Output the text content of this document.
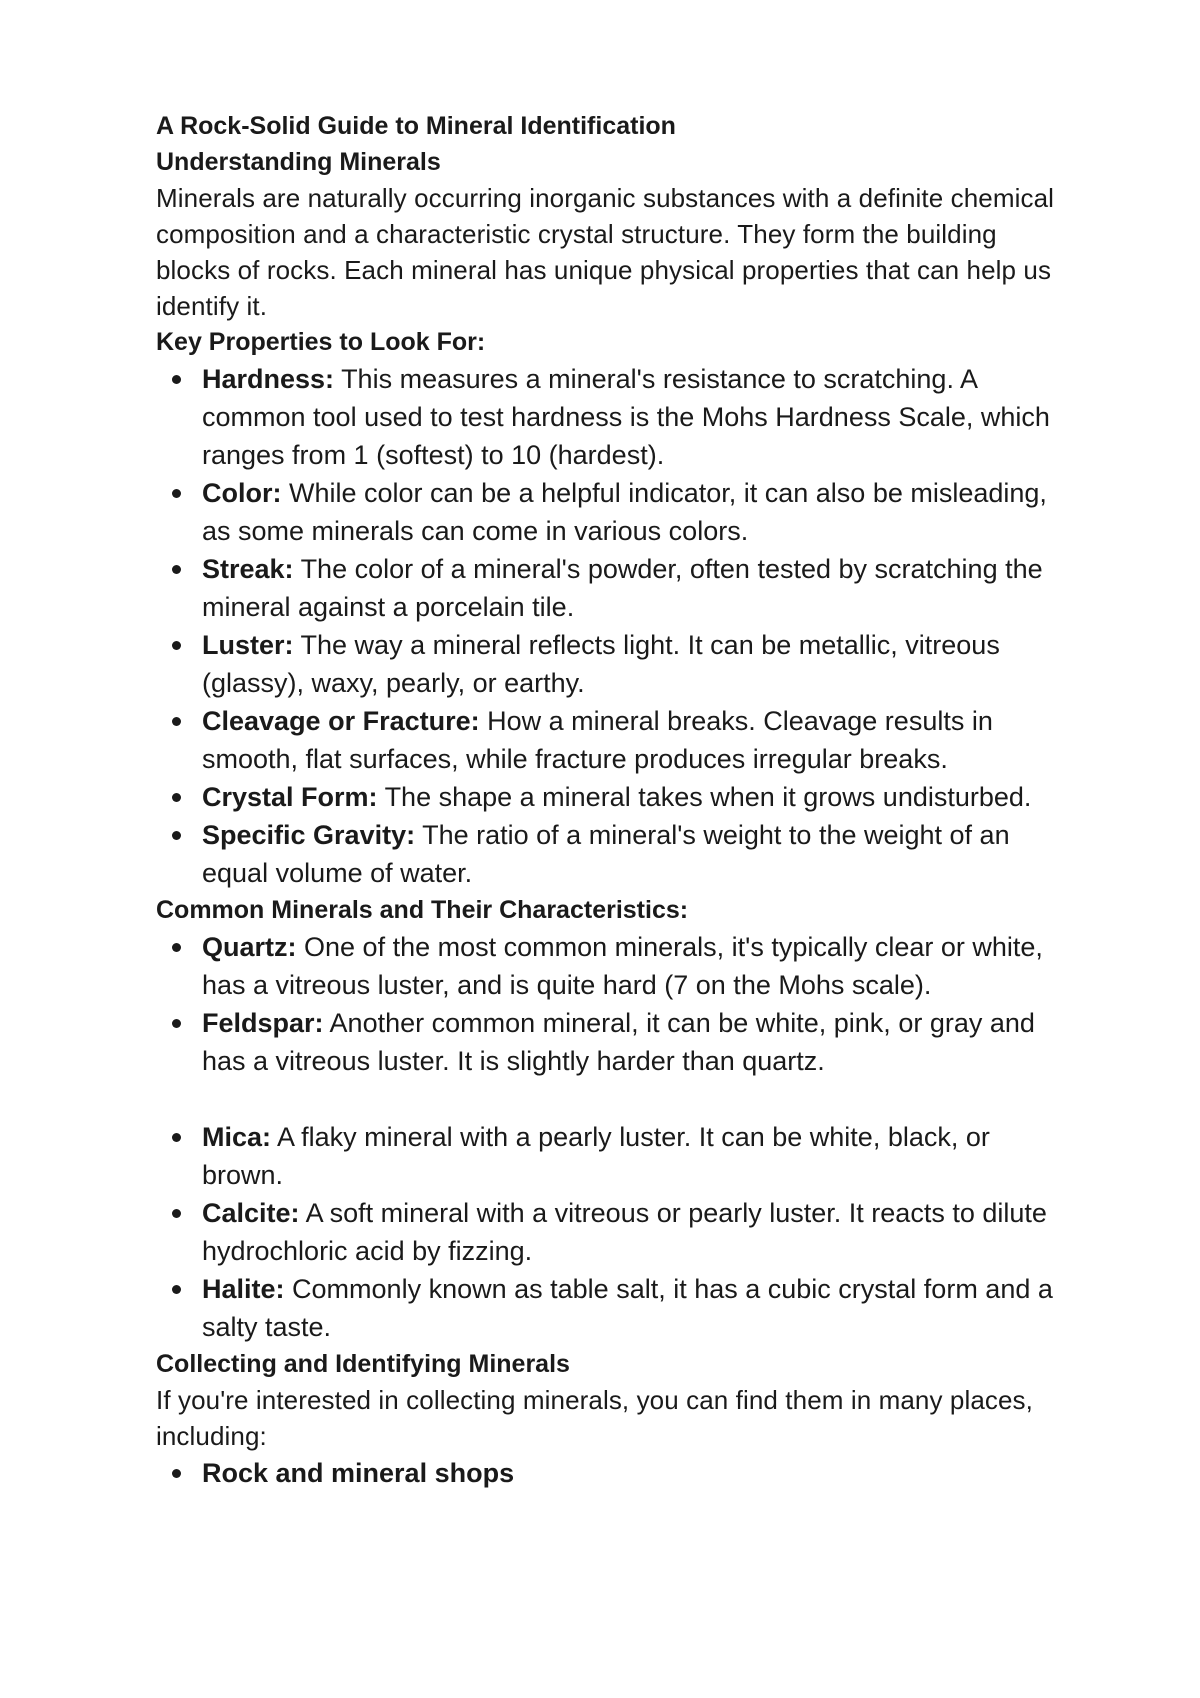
A Rock-Solid Guide to Mineral Identification

Understanding Minerals

Minerals are naturally occurring inorganic substances with a definite chemical composition and a characteristic crystal structure. They form the building blocks of rocks. Each mineral has unique physical properties that can help us identify it.

Key Properties to Look For:

Hardness: This measures a mineral's resistance to scratching. A common tool used to test hardness is the Mohs Hardness Scale, which ranges from 1 (softest) to 10 (hardest).
Color: While color can be a helpful indicator, it can also be misleading, as some minerals can come in various colors.
Streak: The color of a mineral's powder, often tested by scratching the mineral against a porcelain tile.
Luster: The way a mineral reflects light. It can be metallic, vitreous (glassy), waxy, pearly, or earthy.
Cleavage or Fracture: How a mineral breaks. Cleavage results in smooth, flat surfaces, while fracture produces irregular breaks.
Crystal Form: The shape a mineral takes when it grows undisturbed.
Specific Gravity: The ratio of a mineral's weight to the weight of an equal volume of water.

Common Minerals and Their Characteristics:

Quartz: One of the most common minerals, it's typically clear or white, has a vitreous luster, and is quite hard (7 on the Mohs scale).
Feldspar: Another common mineral, it can be white, pink, or gray and has a vitreous luster. It is slightly harder than quartz.
Mica: A flaky mineral with a pearly luster. It can be white, black, or brown.
Calcite: A soft mineral with a vitreous or pearly luster. It reacts to dilute hydrochloric acid by fizzing.
Halite: Commonly known as table salt, it has a cubic crystal form and a salty taste.

Collecting and Identifying Minerals

If you're interested in collecting minerals, you can find them in many places, including:

Rock and mineral shops
